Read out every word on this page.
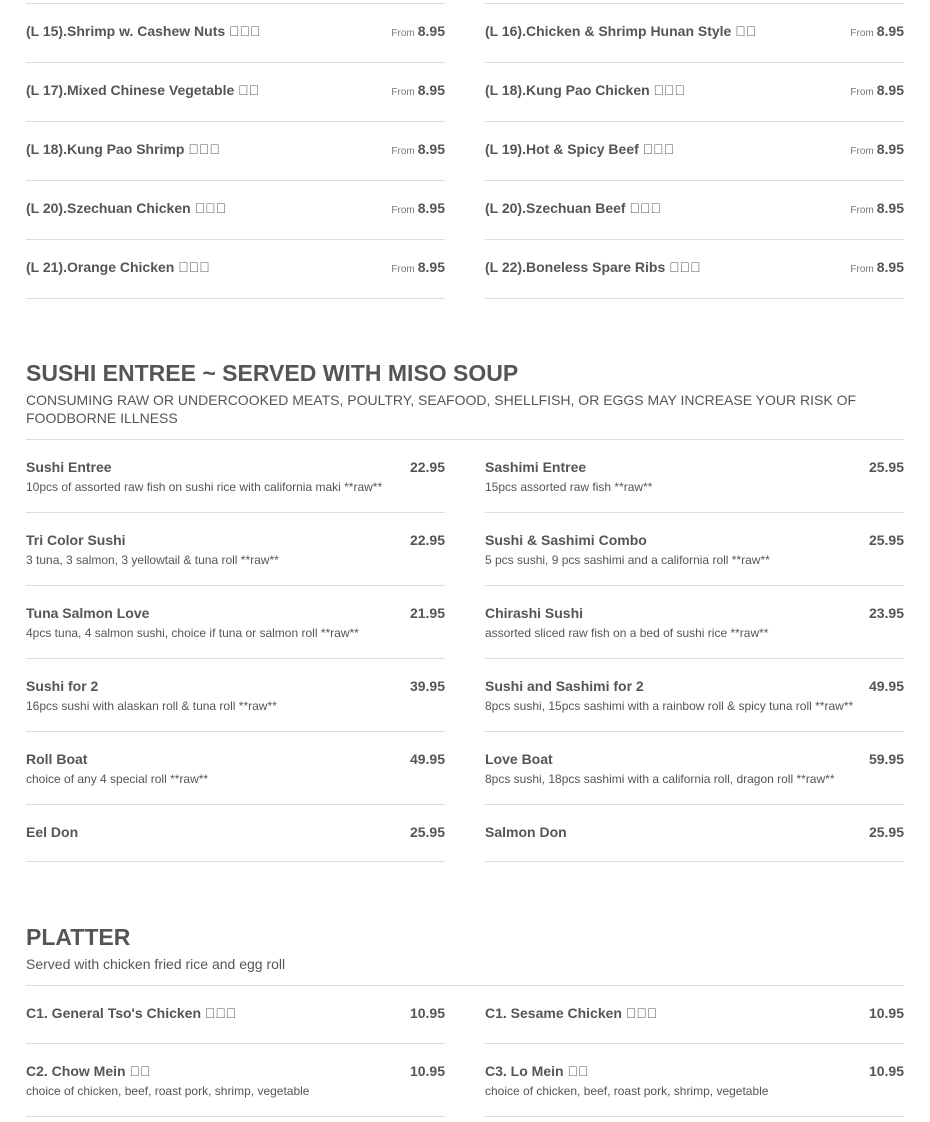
(L 15).Shrimp w. Cashew Nuts 󰀀󰀀󰀀	From 8.95
(L 17).Mixed Chinese Vegetable 󰀀󰀀	From 8.95
(L 18).Kung Pao Shrimp 󰀀󰀀󰀀	From 8.95
(L 20).Szechuan Chicken 󰀀󰀀󰀀	From 8.95
(L 21).Orange Chicken 󰀀󰀀󰀀	From 8.95
(L 16).Chicken & Shrimp Hunan Style 󰀀󰀀	From 8.95
(L 18).Kung Pao Chicken 󰀀󰀀󰀀	From 8.95
(L 19).Hot & Spicy Beef 󰀀󰀀󰀀	From 8.95
(L 20).Szechuan Beef 󰀀󰀀󰀀	From 8.95
(L 22).Boneless Spare Ribs 󰀀󰀀󰀀	From 8.95
SUSHI ENTREE ~ SERVED WITH MISO SOUP
CONSUMING RAW OR UNDERCOOKED MEATS, POULTRY, SEAFOOD, SHELLFISH, OR EGGS MAY INCREASE YOUR RISK OF FOODBORNE ILLNESS
Sushi Entree	22.95
10pcs of assorted raw fish on sushi rice with california maki **raw**
Tri Color Sushi	22.95
3 tuna, 3 salmon, 3 yellowtail & tuna roll **raw**
Tuna Salmon Love	21.95
4pcs tuna, 4 salmon sushi, choice if tuna or salmon roll **raw**
Sushi for 2	39.95
16pcs sushi with alaskan roll & tuna roll **raw**
Roll Boat	49.95
choice of any 4 special roll **raw**
Eel Don	25.95
Sashimi Entree	25.95
15pcs assorted raw fish **raw**
Sushi & Sashimi Combo	25.95
5 pcs sushi, 9 pcs sashimi and a california roll **raw**
Chirashi Sushi	23.95
assorted sliced raw fish on a bed of sushi rice **raw**
Sushi and Sashimi for 2	49.95
8pcs sushi, 15pcs sashimi with a rainbow roll & spicy tuna roll **raw**
Love Boat	59.95
8pcs sushi, 18pcs sashimi with a california roll, dragon roll **raw**
Salmon Don	25.95
PLATTER
Served with chicken fried rice and egg roll
C1. General Tso's Chicken 󰀀󰀀󰀀	10.95
C2. Chow Mein 󰀀󰀀	10.95
choice of chicken, beef, roast pork, shrimp, vegetable
C1. Sesame Chicken 󰀀󰀀󰀀	10.95
C3. Lo Mein 󰀀󰀀	10.95
choice of chicken, beef, roast pork, shrimp, vegetable
